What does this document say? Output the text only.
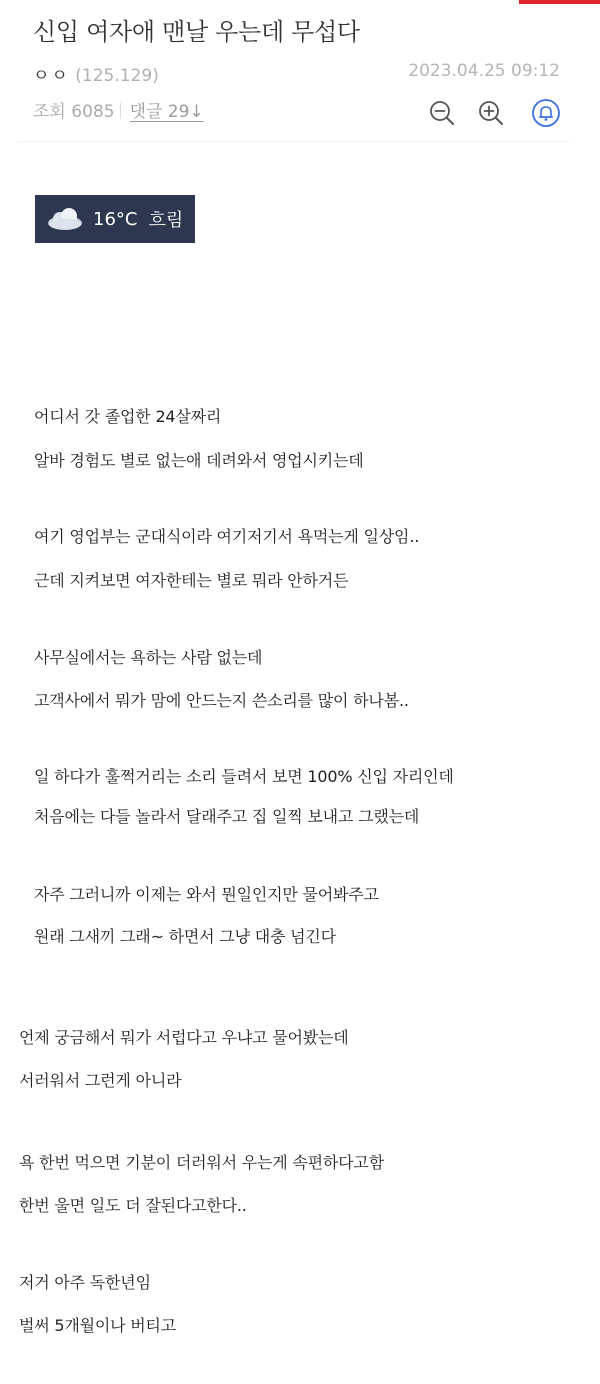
신입 여자애 맨날 우는데 무섭다
ㅇㅇ (125.129)	2023.04.25 09:12
조회 6085 댓글 29↓
16°C 흐림
어디서 갓 졸업한 24살짜리
알바 경험도 별로 없는애 데려와서 영업시키는데
여기 영업부는 군대식이라 여기저기서 욕먹는게 일상임..
근데 지켜보면 여자한테는 별로 뭐라 안하거든
사무실에서는 욕하는 사람 없는데
고객사에서 뭐가 맘에 안드는지 쓴소리를 많이 하나봄..
일 하다가 훌쩍거리는 소리 들려서 보면 100% 신입 자리인데
처음에는 다들 놀라서 달래주고 집 일찍 보내고 그랬는데
자주 그러니까 이제는 와서 뭔일인지만 물어봐주고
원래 그새끼 그래~ 하면서 그냥 대충 넘긴다
언제 궁금해서 뭐가 서럽다고 우냐고 물어봤는데
서러워서 그런게 아니라
욕 한번 먹으면 기분이 더러워서 우는게 속편하다고함
한번 울면 일도 더 잘된다고한다..
저거 아주 독한년임
벌써 5개월이나 버티고
